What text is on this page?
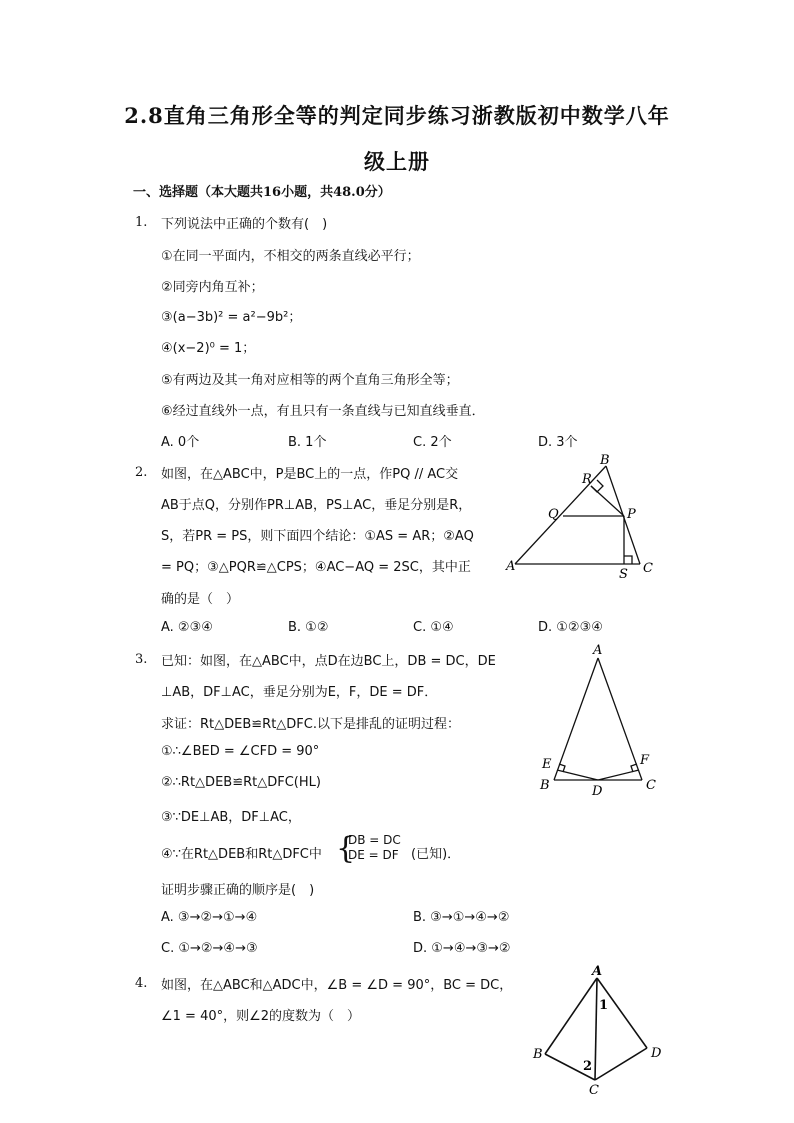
2.8直角三角形全等的判定同步练习浙教版初中数学八年
级上册
一、选择题（本大题共16小题，共48.0分）
1. 下列说法中正确的个数有(　)
①在同一平面内，不相交的两条直线必平行；
②同旁内角互补；
③(a−3b)² = a²−9b²；
④(x−2)⁰ = 1；
⑤有两边及其一角对应相等的两个直角三角形全等；
⑥经过直线外一点，有且只有一条直线与已知直线垂直．
A. 0个	B. 1个	C. 2个	D. 3个
2. 如图，在△ABC中，P是BC上的一点，作PQ // AC交
AB于点Q，分别作PR⊥AB，PS⊥AC，垂足分别是R，
S，若PR = PS，则下面四个结论：①AS = AR；②AQ
= PQ；③△PQR≌△CPS；④AC−AQ = 2SC，其中正
确的是（　）
A. ②③④	B. ①②	C. ①④	D. ①②③④
B
R
Q	P
A
S C
3. 已知：如图，在△ABC中，点D在边BC上，DB = DC，DE
⊥AB，DF⊥AC，垂足分别为E，F，DE = DF．
求证：Rt△DEB≌Rt△DFC.以下是排乱的证明过程：
①∴∠BED = ∠CFD = 90°
②∴Rt△DEB≌Rt△DFC(HL)
③∵DE⊥AB，DF⊥AC，
④∵在Rt△DEB和Rt△DFC中 {
DB = DC
DE = DF (已知)．
证明步骤正确的顺序是(　)
A. ③→②→①→④	B. ③→①→④→②
C. ①→②→④→③	D. ①→④→③→②
A
E	F
B	D	C
4. 如图，在△ABC和△ADC中，∠B = ∠D = 90°，BC = DC，
∠1 = 40°，则∠2的度数为（　）
A
1
B
2
D
C
